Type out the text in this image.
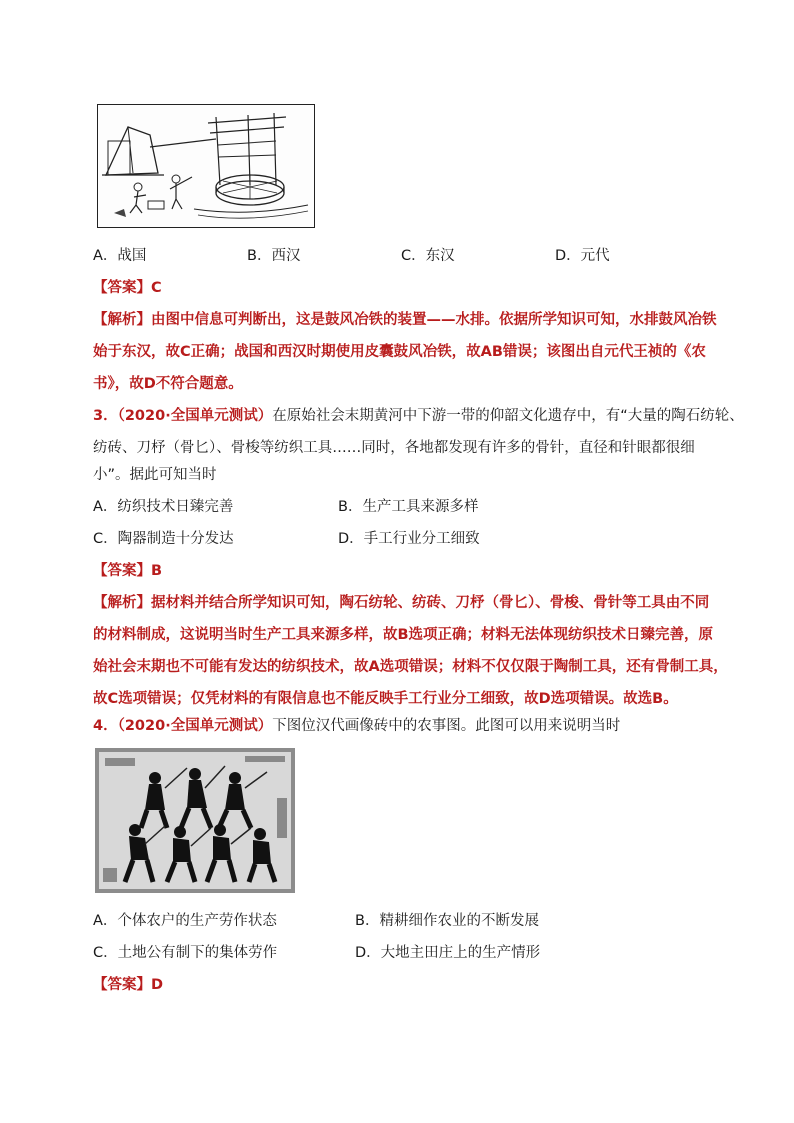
A．战国	B．西汉	C．东汉	D．元代
【答案】C
【解析】由图中信息可判断出，这是鼓风冶铁的装置——水排。依据所学知识可知，水排鼓风冶铁
始于东汉，故C正确；战国和西汉时期使用皮囊鼓风冶铁，故AB错误；该图出自元代王祯的《农
书》，故D不符合题意。
3．（2020·全国单元测试）在原始社会末期黄河中下游一带的仰韶文化遗存中，有“大量的陶石纺轮、
纺砖、刀杼（骨匕）、骨梭等纺织工具……同时，各地都发现有许多的骨针，直径和针眼都很细
小”。据此可知当时
A．纺织技术日臻完善	B．生产工具来源多样
C．陶器制造十分发达	D．手工行业分工细致
【答案】B
【解析】据材料并结合所学知识可知，陶石纺轮、纺砖、刀杼（骨匕）、骨梭、骨针等工具由不同
的材料制成，这说明当时生产工具来源多样，故B选项正确；材料无法体现纺织技术日臻完善，原
始社会末期也不可能有发达的纺织技术，故A选项错误；材料不仅仅限于陶制工具，还有骨制工具，
故C选项错误；仅凭材料的有限信息也不能反映手工行业分工细致，故D选项错误。故选B。
4．（2020·全国单元测试）下图位汉代画像砖中的农事图。此图可以用来说明当时
A．个体农户的生产劳作状态	B．精耕细作农业的不断发展
C．土地公有制下的集体劳作	D．大地主田庄上的生产情形
【答案】D
